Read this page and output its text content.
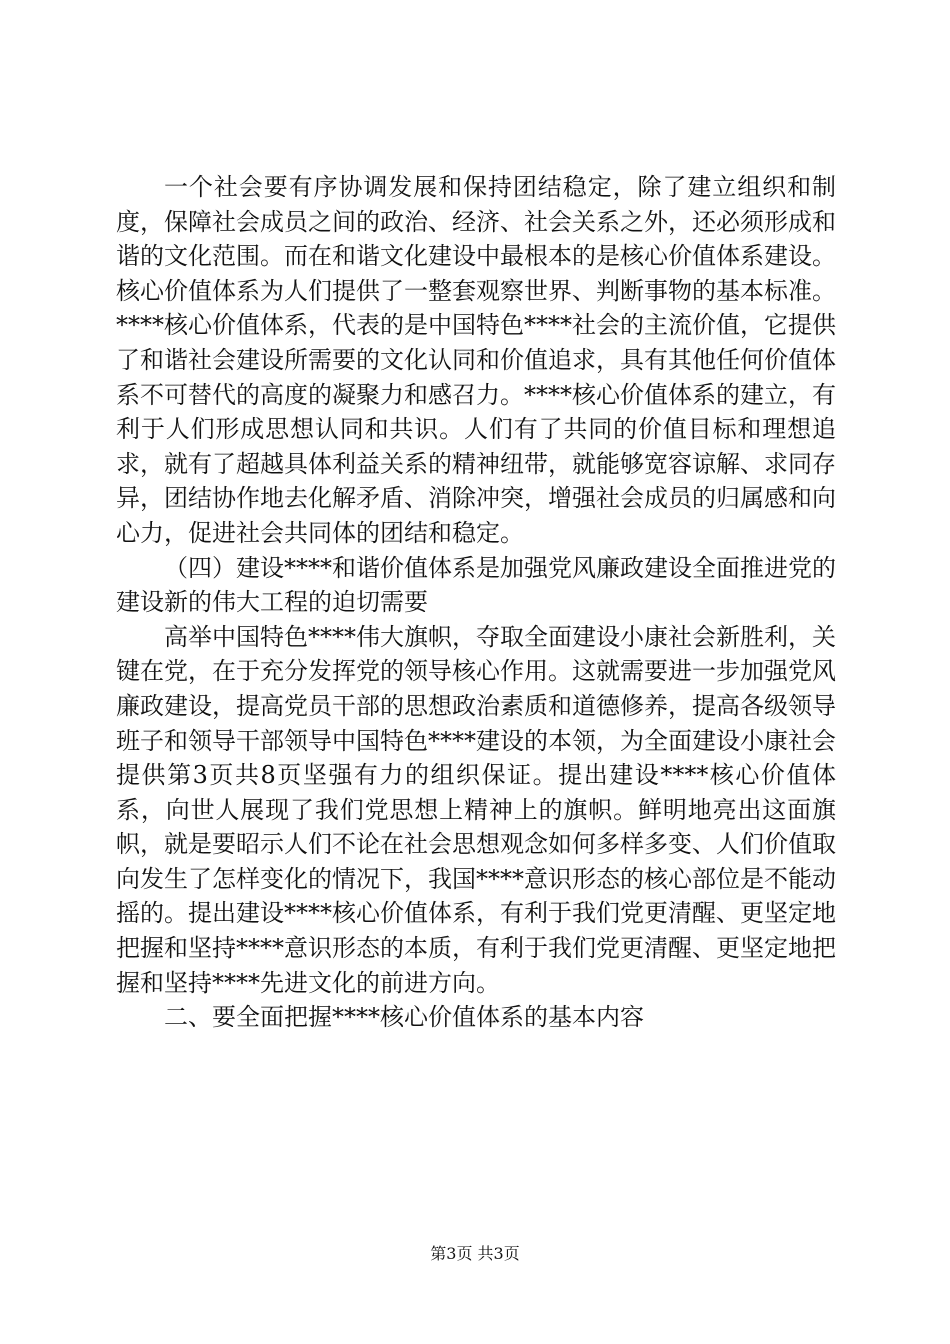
一个社会要有序协调发展和保持团结稳定，除了建立组织和制度，保障社会成员之间的政治、经济、社会关系之外，还必须形成和谐的文化范围。而在和谐文化建设中最根本的是核心价值体系建设。核心价值体系为人们提供了一整套观察世界、判断事物的基本标准。****核心价值体系，代表的是中国特色****社会的主流价值，它提供了和谐社会建设所需要的文化认同和价值追求，具有其他任何价值体系不可替代的高度的凝聚力和感召力。****核心价值体系的建立，有利于人们形成思想认同和共识。人们有了共同的价值目标和理想追求，就有了超越具体利益关系的精神纽带，就能够宽容谅解、求同存异，团结协作地去化解矛盾、消除冲突，增强社会成员的归属感和向心力，促进社会共同体的团结和稳定。

（四）建设****和谐价值体系是加强党风廉政建设全面推进党的建设新的伟大工程的迫切需要

高举中国特色****伟大旗帜，夺取全面建设小康社会新胜利，关键在党，在于充分发挥党的领导核心作用。这就需要进一步加强党风廉政建设，提高党员干部的思想政治素质和道德修养，提高各级领导班子和领导干部领导中国特色****建设的本领，为全面建设小康社会提供第3页共8页坚强有力的组织保证。提出建设****核心价值体系，向世人展现了我们党思想上精神上的旗帜。鲜明地亮出这面旗帜，就是要昭示人们不论在社会思想观念如何多样多变、人们价值取向发生了怎样变化的情况下，我国****意识形态的核心部位是不能动摇的。提出建设****核心价值体系，有利于我们党更清醒、更坚定地把握和坚持****意识形态的本质，有利于我们党更清醒、更坚定地把握和坚持****先进文化的前进方向。

二、要全面把握****核心价值体系的基本内容

第3页 共3页
